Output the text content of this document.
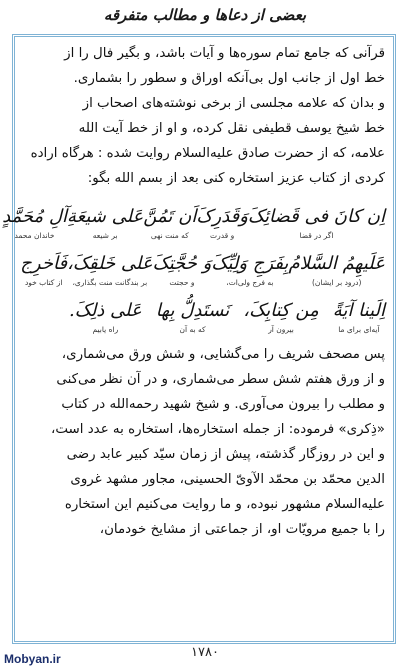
بعضی از دعاها و مطالب متفرقه
قرآنی که جامع تمام سوره‌ها و آیات باشد، و بگیر فال را از
خط اول از جانب اول بی‌آنکه اوراق و سطور را بشماری.
و بدان که علامه مجلسی از برخی نوشته‌های اصحاب از
خط شیخ یوسف قطیفی نقل کرده، و او از خط آیت الله
علامه، که از حضرت صادق علیه‌السلام روایت شده : هرگاه اراده
کردی از کتاب عزیز استخاره کنی بعد از بسم الله بگو:
اِن کانَ فی قَضائِکَ
اگر در قضا
وَقَدَرِکَ
و قدرت
اَن تَمُنَّ
که منت نهی
عَلی شیعَةِ
بر شیعه
آلِ مُحَمَّدٍ
خاندان محمد
عَلَیهِمُ السَّلامُ
(درود بر ایشان)
بِفَرَجِ وَلِیِّکَ
به فرج ولی‌ات،
وَ حُجَّتِکَ
و حجتت
عَلی خَلقِکَ،
بر بندگانت منت بگذاری،
فَاَخرِج
از کتاب خود
اِلَینا آیَةً
آیه‌ای برای ما
مِن کِتابِکَ،
بیرون آر
نَستَدِلُّ بِها
که به آن
عَلی ذلِکَ.
راه یابیم
پس مصحف شریف را می‌گشایی، و شش ورق می‌شماری،
و از ورق هفتم شش سطر می‌شماری، و در آن نظر می‌کنی
و مطلب را بیرون می‌آوری. و شیخ شهید رحمه‌الله در کتاب
«ذِکری» فرموده: از جمله استخاره‌ها، استخاره به عدد است،
و این در روزگار گذشته، پیش از زمان سیّد کبیر عابد رضی
الدین محمّد بن محمّد الآویّ الحسینی، مجاور مشهد غروی
علیه‌السلام مشهور نبوده، و ما روایت می‌کنیم این استخاره
را با جمیع مرویّات او، از جماعتی از مشایخ خودمان،
۱۷۸۰
Mobyan.ir
